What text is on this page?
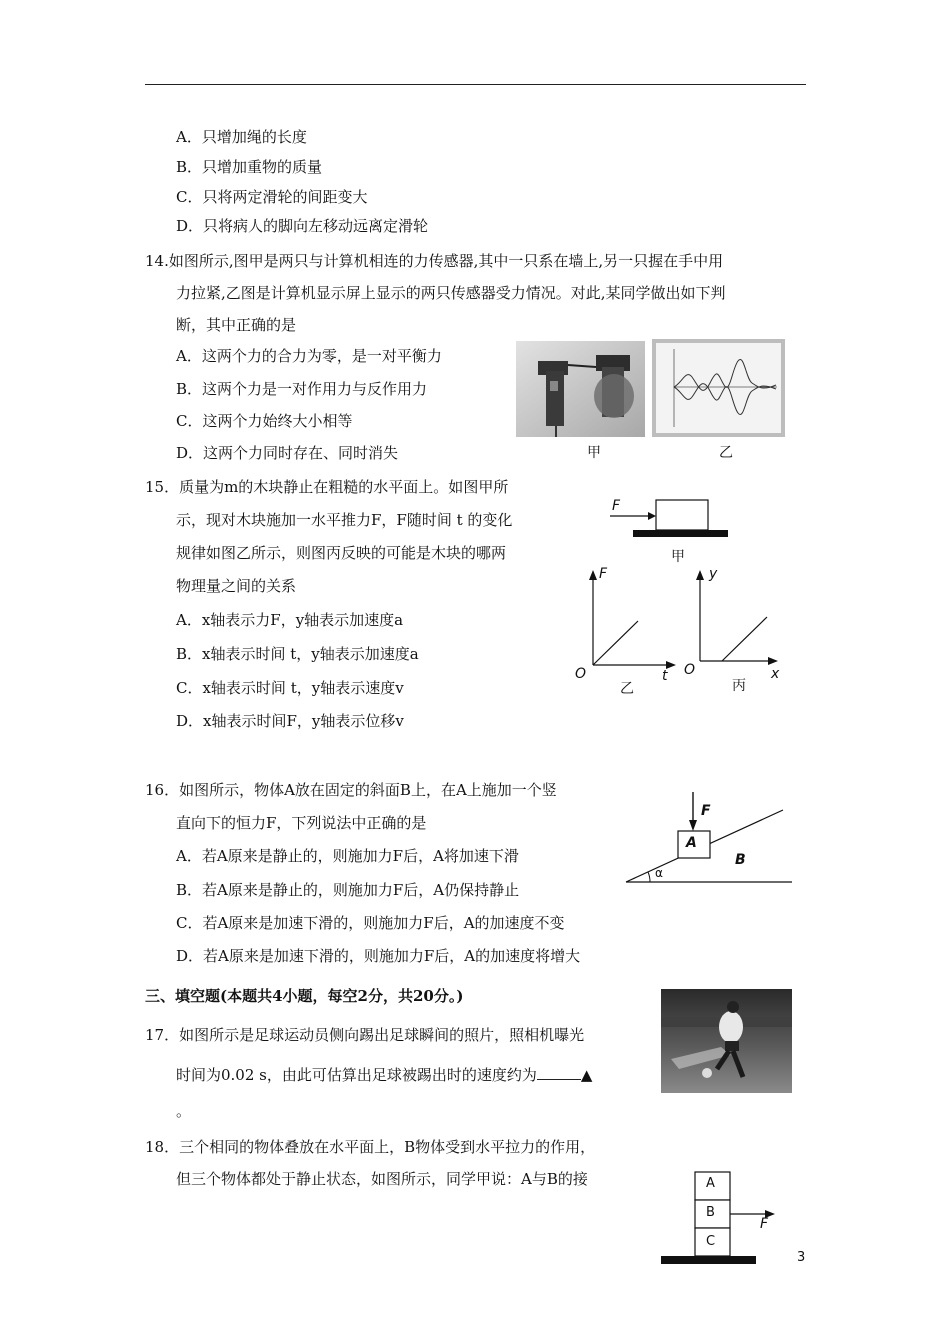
A．只增加绳的长度
B．只增加重物的质量
C．只将两定滑轮的间距变大
D．只将病人的脚向左移动远离定滑轮
14.如图所示,图甲是两只与计算机相连的力传感器,其中一只系在墙上,另一只握在手中用
力拉紧,乙图是计算机显示屏上显示的两只传感器受力情况。对此,某同学做出如下判
断，其中正确的是
A．这两个力的合力为零，是一对平衡力
B．这两个力是一对作用力与反作用力
C．这两个力始终大小相等
D．这两个力同时存在、同时消失	甲	乙
15．质量为m的木块静止在粗糙的水平面上。如图甲所
示，现对木块施加一水平推力F，F随时间 t 的变化
规律如图乙所示，则图丙反映的可能是木块的哪两
物理量之间的关系
A．x轴表示力F，y轴表示加速度a
B．x轴表示时间 t，y轴表示加速度a
C．x轴表示时间 t，y轴表示速度v
D．x轴表示时间F，y轴表示位移v
F
甲
F
t
O
乙
y
x
O
丙
16．如图所示，物体A放在固定的斜面B上，在A上施加一个竖
直向下的恒力F，下列说法中正确的是
A．若A原来是静止的，则施加力F后，A将加速下滑
B．若A原来是静止的，则施加力F后，A仍保持静止
C．若A原来是加速下滑的，则施加力F后，A的加速度不变
D．若A原来是加速下滑的，则施加力F后，A的加速度将增大
F
A
B
α
三、填空题(本题共4小题，每空2分，共20分。)
17．如图所示是足球运动员侧向踢出足球瞬间的照片，照相机曝光
时间为0.02 s，由此可估算出足球被踢出时的速度约为	▲
。
18．三个相同的物体叠放在水平面上，B物体受到水平拉力的作用，
但三个物体都处于静止状态，如图所示，同学甲说：A与B的接	A
B
C
F
3
